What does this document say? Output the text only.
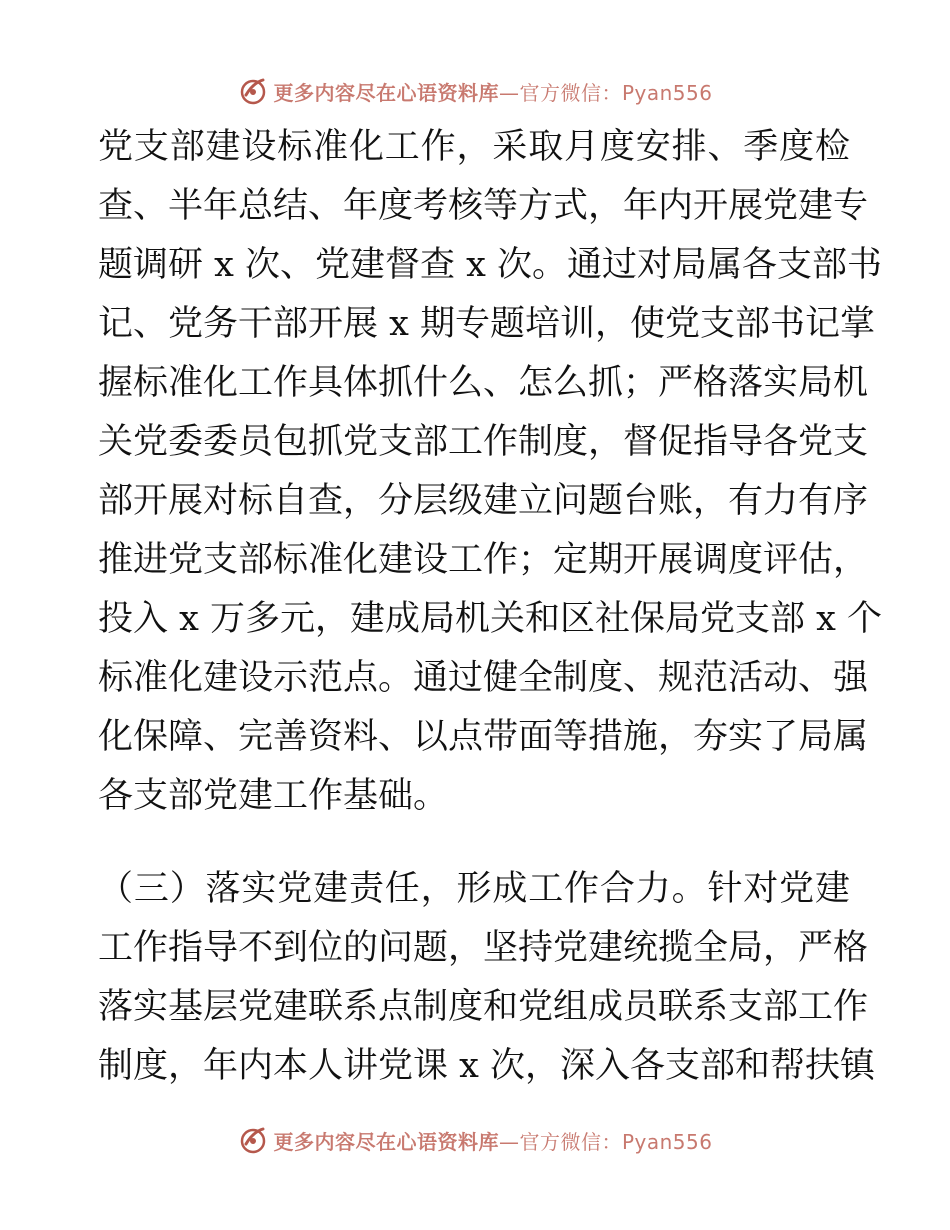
更多内容尽在心语资料库—官方微信：Pyan556
党支部建设标准化工作，采取月度安排、季度检
查、半年总结、年度考核等方式，年内开展党建专
题调研 x 次、党建督查 x 次。通过对局属各支部书
记、党务干部开展 x 期专题培训，使党支部书记掌
握标准化工作具体抓什么、怎么抓；严格落实局机
关党委委员包抓党支部工作制度，督促指导各党支
部开展对标自查，分层级建立问题台账，有力有序
推进党支部标准化建设工作；定期开展调度评估，
投入 x 万多元，建成局机关和区社保局党支部 x 个
标准化建设示范点。通过健全制度、规范活动、强
化保障、完善资料、以点带面等措施，夯实了局属
各支部党建工作基础。
（三）落实党建责任，形成工作合力。针对党建
工作指导不到位的问题，坚持党建统揽全局，严格
落实基层党建联系点制度和党组成员联系支部工作
制度，年内本人讲党课 x 次，深入各支部和帮扶镇
更多内容尽在心语资料库—官方微信：Pyan556
